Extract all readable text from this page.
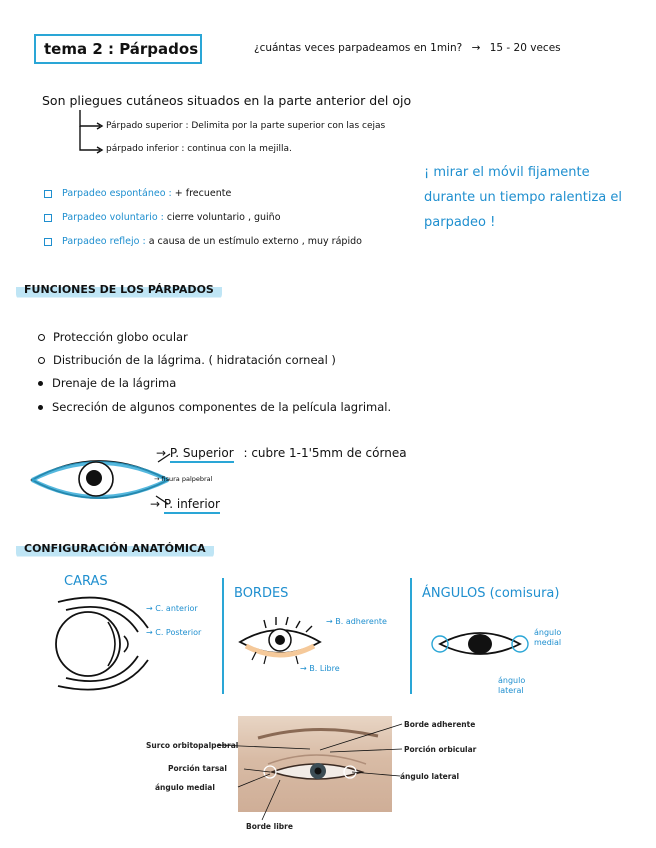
tema 2 : Párpados	¿cuántas veces parpadeamos en 1min? → 15 - 20 veces
Son pliegues cutáneos situados en la parte anterior del ojo
Párpado superior : Delimita por la parte superior con las cejas
párpado inferior : continua con la mejilla.
¡ mirar el móvil fijamente durante un tiempo ralentiza el parpadeo !
Parpadeo espontáneo : + frecuente
Parpadeo voluntario : cierre voluntario , guiño
Parpadeo reflejo : a causa de un estímulo externo , muy rápido
FUNCIONES DE LOS PÁRPADOS
Protección globo ocular
Distribución de la lágrima. ( hidratación corneal )
Drenaje de la lágrima
Secreción de algunos componentes de la película lagrimal.
→ P. Superior : cubre 1-1'5mm de córnea
→ fisura palpebral
→ P. inferior
CONFIGURACIÓN ANATÓMICA
CARAS
→ C. anterior
→ C. Posterior
BORDES
→ B. adherente
→ B. Libre
ÁNGULOS (comisura)
ángulo medial
ángulo lateral
Borde adherente
Surco orbitopalpebral	Porción orbicular
Porción tarsal
ángulo lateral
ángulo medial
Borde libre
